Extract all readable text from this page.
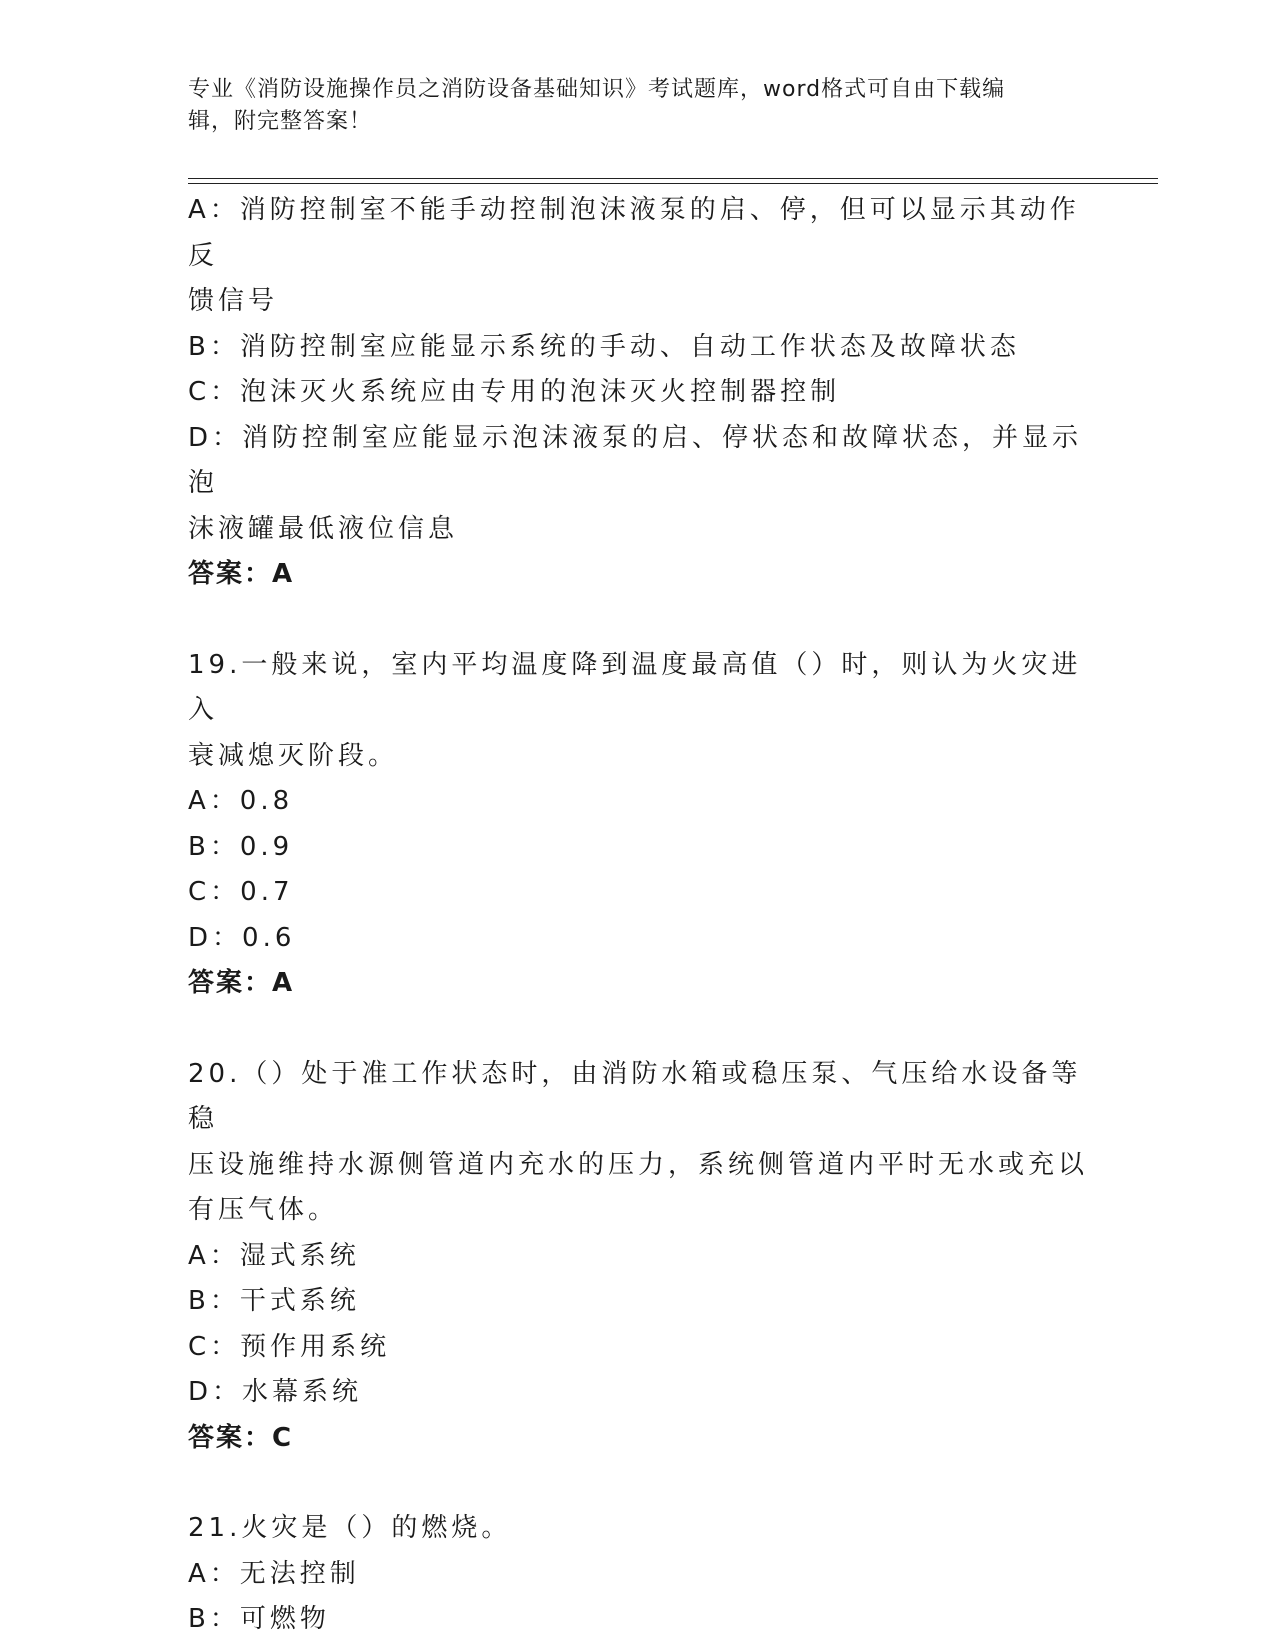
专业《消防设施操作员之消防设备基础知识》考试题库，word格式可自由下载编
辑，附完整答案！
A：消防控制室不能手动控制泡沫液泵的启、停，但可以显示其动作反
馈信号
B：消防控制室应能显示系统的手动、自动工作状态及故障状态
C：泡沫灭火系统应由专用的泡沫灭火控制器控制
D：消防控制室应能显示泡沫液泵的启、停状态和故障状态，并显示泡
沫液罐最低液位信息
答案：A
19.一般来说，室内平均温度降到温度最高值（）时，则认为火灾进入
衰减熄灭阶段。
A：0.8
B：0.9
C：0.7
D：0.6
答案：A
20.（）处于准工作状态时，由消防水箱或稳压泵、气压给水设备等稳
压设施维持水源侧管道内充水的压力，系统侧管道内平时无水或充以
有压气体。
A：湿式系统
B：干式系统
C：预作用系统
D：水幕系统
答案：C
21.火灾是（）的燃烧。
A：无法控制
B：可燃物
